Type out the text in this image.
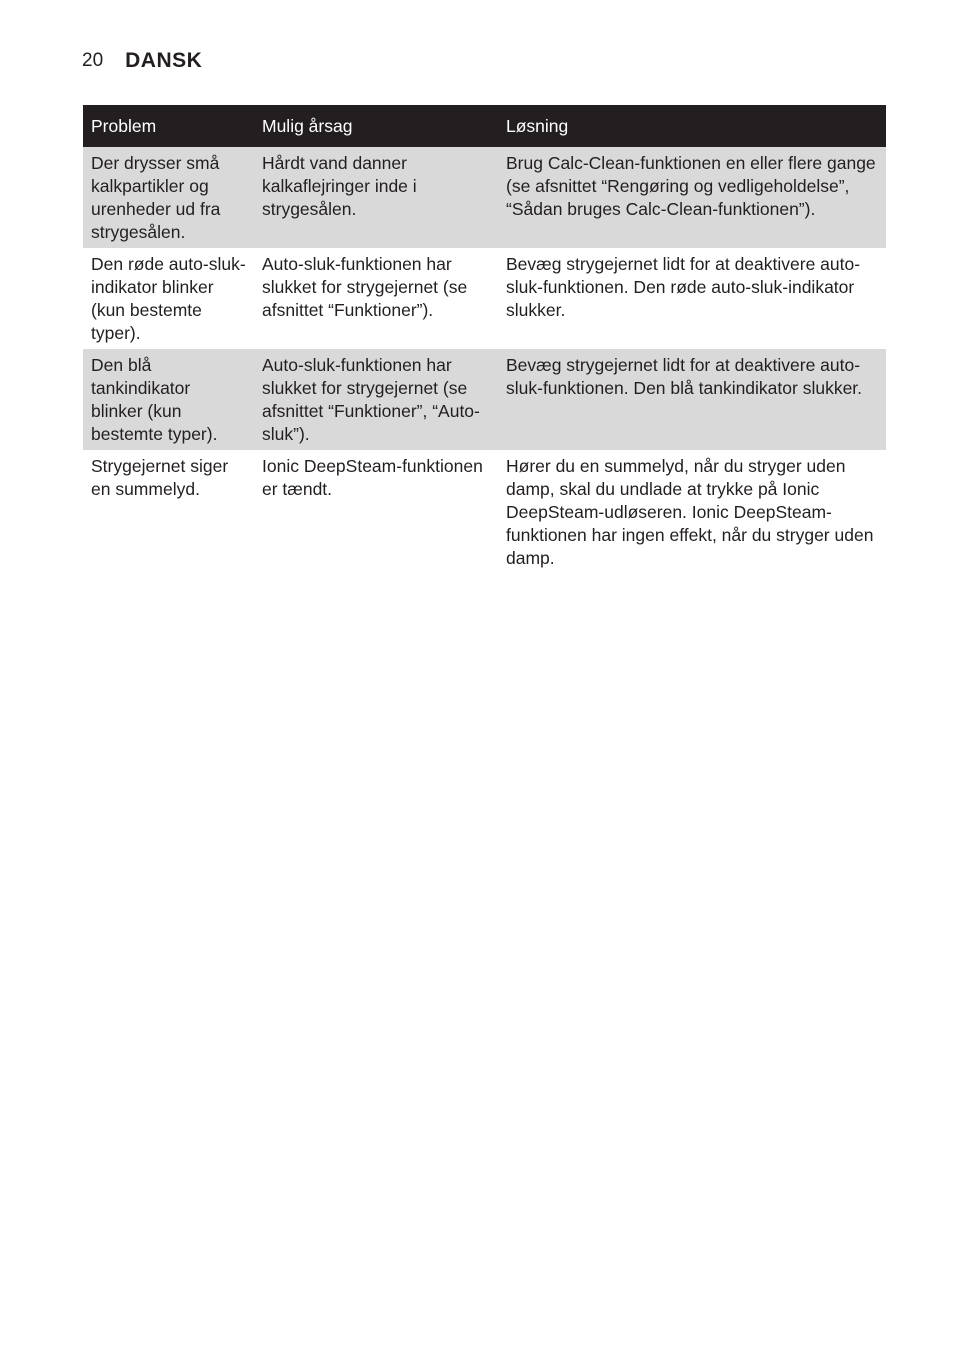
20 DANSK
Problem	Mulig årsag	Løsning
Der drysser små kalkpartikler og urenheder ud fra strygesålen.	Hårdt vand danner kalkaflejringer inde i strygesålen.	Brug Calc-Clean-funktionen en eller flere gange (se afsnittet “Rengøring og vedligeholdelse”, “Sådan bruges Calc-Clean-funktionen”).
Den røde auto-sluk-indikator blinker (kun bestemte typer).	Auto-sluk-funktionen har slukket for strygejernet (se afsnittet “Funktioner”).	Bevæg strygejernet lidt for at deaktivere auto-sluk-funktionen. Den røde auto-sluk-indikator slukker.
Den blå tankindikator blinker (kun bestemte typer).	Auto-sluk-funktionen har slukket for strygejernet (se afsnittet “Funktioner”, “Auto-sluk”).	Bevæg strygejernet lidt for at deaktivere auto-sluk-funktionen. Den blå tankindikator slukker.
Strygejernet siger en summelyd.	Ionic DeepSteam-funktionen er tændt.	Hører du en summelyd, når du stryger uden damp, skal du undlade at trykke på Ionic DeepSteam-udløseren. Ionic DeepSteam-funktionen har ingen effekt, når du stryger uden damp.
